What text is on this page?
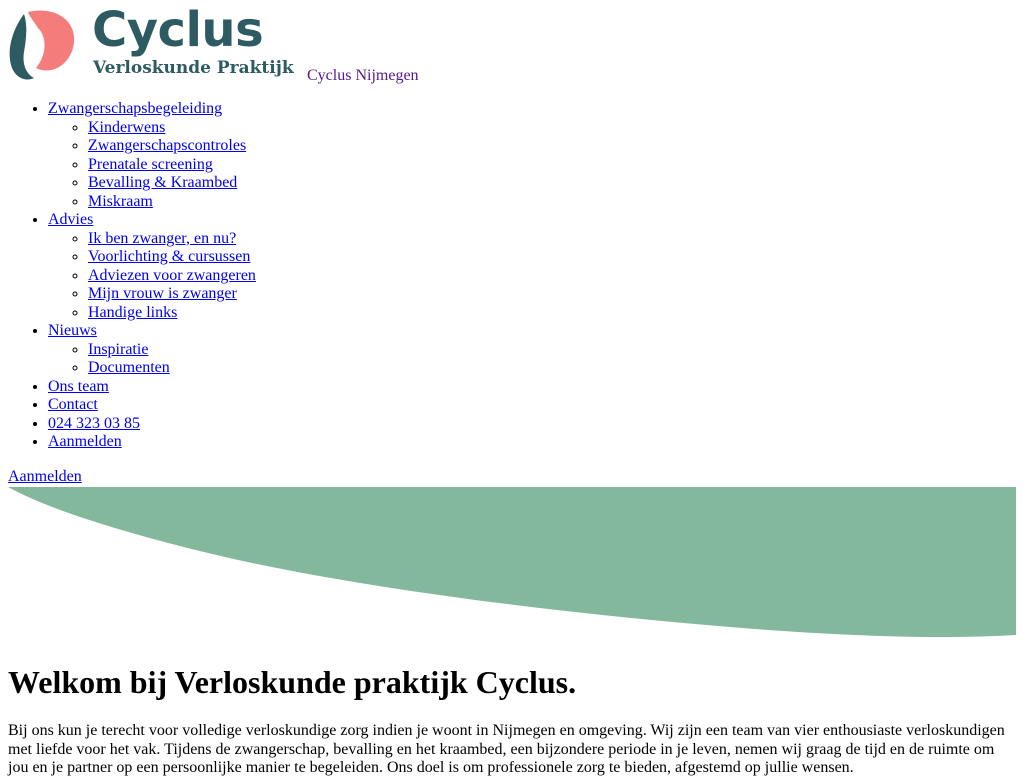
Cyclus
Verloskunde Praktijk Cyclus Nijmegen
• Zwangerschapsbegeleiding
◦ Kinderwens
◦ Zwangerschapscontroles
◦ Prenatale screening
◦ Bevalling & Kraambed
◦ Miskraam
• Advies
◦ Ik ben zwanger, en nu?
◦ Voorlichting & cursussen
◦ Adviezen voor zwangeren
◦ Mijn vrouw is zwanger
◦ Handige links
• Nieuws
◦ Inspiratie
◦ Documenten
• Ons team
• Contact
• 024 323 03 85
• Aanmelden
Aanmelden
Welkom bij Verloskunde praktijk Cyclus.

Bij ons kun je terecht voor volledige verloskundige zorg indien je woont in Nijmegen en omgeving. Wij zijn een team van vier enthousiaste verloskundigen met liefde voor het vak. Tijdens de zwangerschap, bevalling en het kraambed, een bijzondere periode in je leven, nemen wij graag de tijd en de ruimte om jou en je partner op een persoonlijke manier te begeleiden. Ons doel is om professionele zorg te bieden, afgestemd op jullie wensen.
